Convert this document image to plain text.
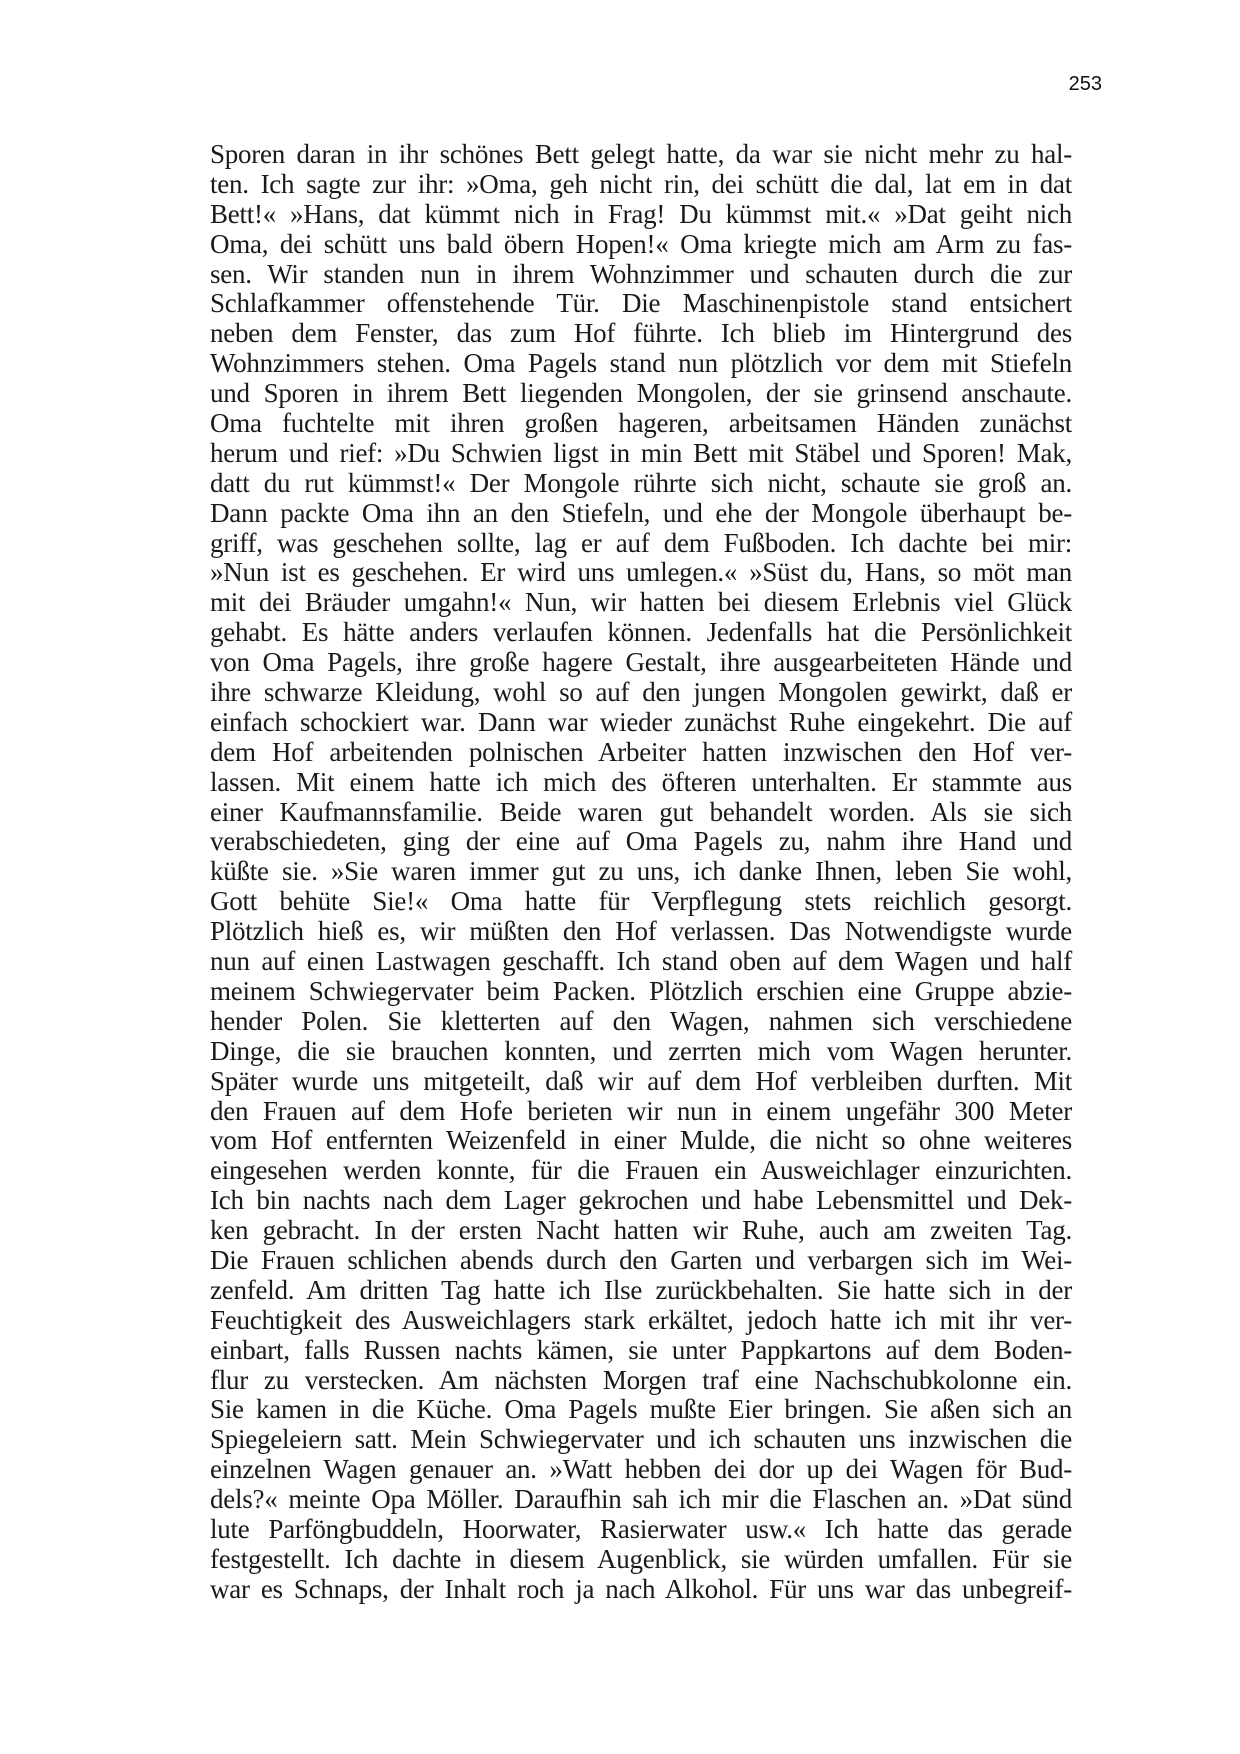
253
Sporen daran in ihr schönes Bett gelegt hatte, da war sie nicht mehr zu hal-
ten. Ich sagte zur ihr: »Oma, geh nicht rin, dei schütt die dal, lat em in dat
Bett!« »Hans, dat kümmt nich in Frag! Du kümmst mit.« »Dat geiht nich
Oma, dei schütt uns bald öbern Hopen!« Oma kriegte mich am Arm zu fas-
sen. Wir standen nun in ihrem Wohnzimmer und schauten durch die zur
Schlafkammer offenstehende Tür. Die Maschinenpistole stand entsichert
neben dem Fenster, das zum Hof führte. Ich blieb im Hintergrund des
Wohnzimmers stehen. Oma Pagels stand nun plötzlich vor dem mit Stiefeln
und Sporen in ihrem Bett liegenden Mongolen, der sie grinsend anschaute.
Oma fuchtelte mit ihren großen hageren, arbeitsamen Händen zunächst
herum und rief: »Du Schwien ligst in min Bett mit Stäbel und Sporen! Mak,
datt du rut kümmst!« Der Mongole rührte sich nicht, schaute sie groß an.
Dann packte Oma ihn an den Stiefeln, und ehe der Mongole überhaupt be-
griff, was geschehen sollte, lag er auf dem Fußboden. Ich dachte bei mir:
»Nun ist es geschehen. Er wird uns umlegen.« »Süst du, Hans, so möt man
mit dei Bräuder umgahn!« Nun, wir hatten bei diesem Erlebnis viel Glück
gehabt. Es hätte anders verlaufen können. Jedenfalls hat die Persönlichkeit
von Oma Pagels, ihre große hagere Gestalt, ihre ausgearbeiteten Hände und
ihre schwarze Kleidung, wohl so auf den jungen Mongolen gewirkt, daß er
einfach schockiert war. Dann war wieder zunächst Ruhe eingekehrt. Die auf
dem Hof arbeitenden polnischen Arbeiter hatten inzwischen den Hof ver-
lassen. Mit einem hatte ich mich des öfteren unterhalten. Er stammte aus
einer Kaufmannsfamilie. Beide waren gut behandelt worden. Als sie sich
verabschiedeten, ging der eine auf Oma Pagels zu, nahm ihre Hand und
küßte sie. »Sie waren immer gut zu uns, ich danke Ihnen, leben Sie wohl,
Gott behüte Sie!« Oma hatte für Verpflegung stets reichlich gesorgt.
Plötzlich hieß es, wir müßten den Hof verlassen. Das Notwendigste wurde
nun auf einen Lastwagen geschafft. Ich stand oben auf dem Wagen und half
meinem Schwiegervater beim Packen. Plötzlich erschien eine Gruppe abzie-
hender Polen. Sie kletterten auf den Wagen, nahmen sich verschiedene
Dinge, die sie brauchen konnten, und zerrten mich vom Wagen herunter.
Später wurde uns mitgeteilt, daß wir auf dem Hof verbleiben durften. Mit
den Frauen auf dem Hofe berieten wir nun in einem ungefähr 300 Meter
vom Hof entfernten Weizenfeld in einer Mulde, die nicht so ohne weiteres
eingesehen werden konnte, für die Frauen ein Ausweichlager einzurichten.
Ich bin nachts nach dem Lager gekrochen und habe Lebensmittel und Dek-
ken gebracht. In der ersten Nacht hatten wir Ruhe, auch am zweiten Tag.
Die Frauen schlichen abends durch den Garten und verbargen sich im Wei-
zenfeld. Am dritten Tag hatte ich Ilse zurückbehalten. Sie hatte sich in der
Feuchtigkeit des Ausweichlagers stark erkältet, jedoch hatte ich mit ihr ver-
einbart, falls Russen nachts kämen, sie unter Pappkartons auf dem Boden-
flur zu verstecken. Am nächsten Morgen traf eine Nachschubkolonne ein.
Sie kamen in die Küche. Oma Pagels mußte Eier bringen. Sie aßen sich an
Spiegeleiern satt. Mein Schwiegervater und ich schauten uns inzwischen die
einzelnen Wagen genauer an. »Watt hebben dei dor up dei Wagen för Bud-
dels?« meinte Opa Möller. Daraufhin sah ich mir die Flaschen an. »Dat sünd
lute Parföngbuddeln, Hoorwater, Rasierwater usw.« Ich hatte das gerade
festgestellt. Ich dachte in diesem Augenblick, sie würden umfallen. Für sie
war es Schnaps, der Inhalt roch ja nach Alkohol. Für uns war das unbegreif-
